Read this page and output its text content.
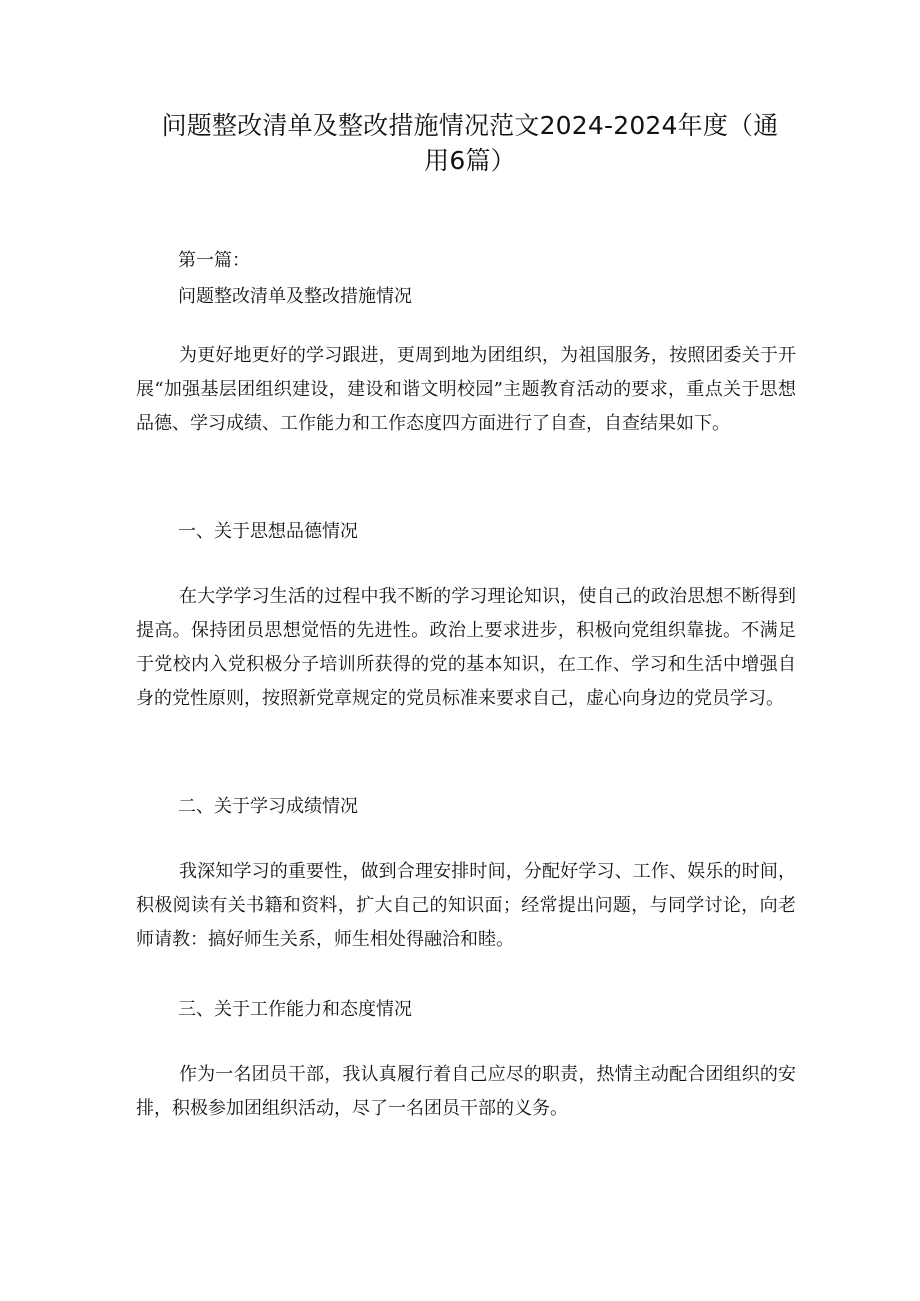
问题整改清单及整改措施情况范文2024-2024年度（通用6篇）
第一篇：
问题整改清单及整改措施情况
为更好地更好的学习跟进，更周到地为团组织，为祖国服务，按照团委关于开展“加强基层团组织建设，建设和谐文明校园”主题教育活动的要求，重点关于思想品德、学习成绩、工作能力和工作态度四方面进行了自查，自查结果如下。
一、关于思想品德情况
在大学学习生活的过程中我不断的学习理论知识，使自己的政治思想不断得到提高。保持团员思想觉悟的先进性。政治上要求进步，积极向党组织靠拢。不满足于党校内入党积极分子培训所获得的党的基本知识，在工作、学习和生活中增强自身的党性原则，按照新党章规定的党员标准来要求自己，虚心向身边的党员学习。
二、关于学习成绩情况
我深知学习的重要性，做到合理安排时间，分配好学习、工作、娱乐的时间，积极阅读有关书籍和资料，扩大自己的知识面；经常提出问题，与同学讨论，向老师请教：搞好师生关系，师生相处得融洽和睦。
三、关于工作能力和态度情况
作为一名团员干部，我认真履行着自己应尽的职责，热情主动配合团组织的安排，积极参加团组织活动，尽了一名团员干部的义务。
